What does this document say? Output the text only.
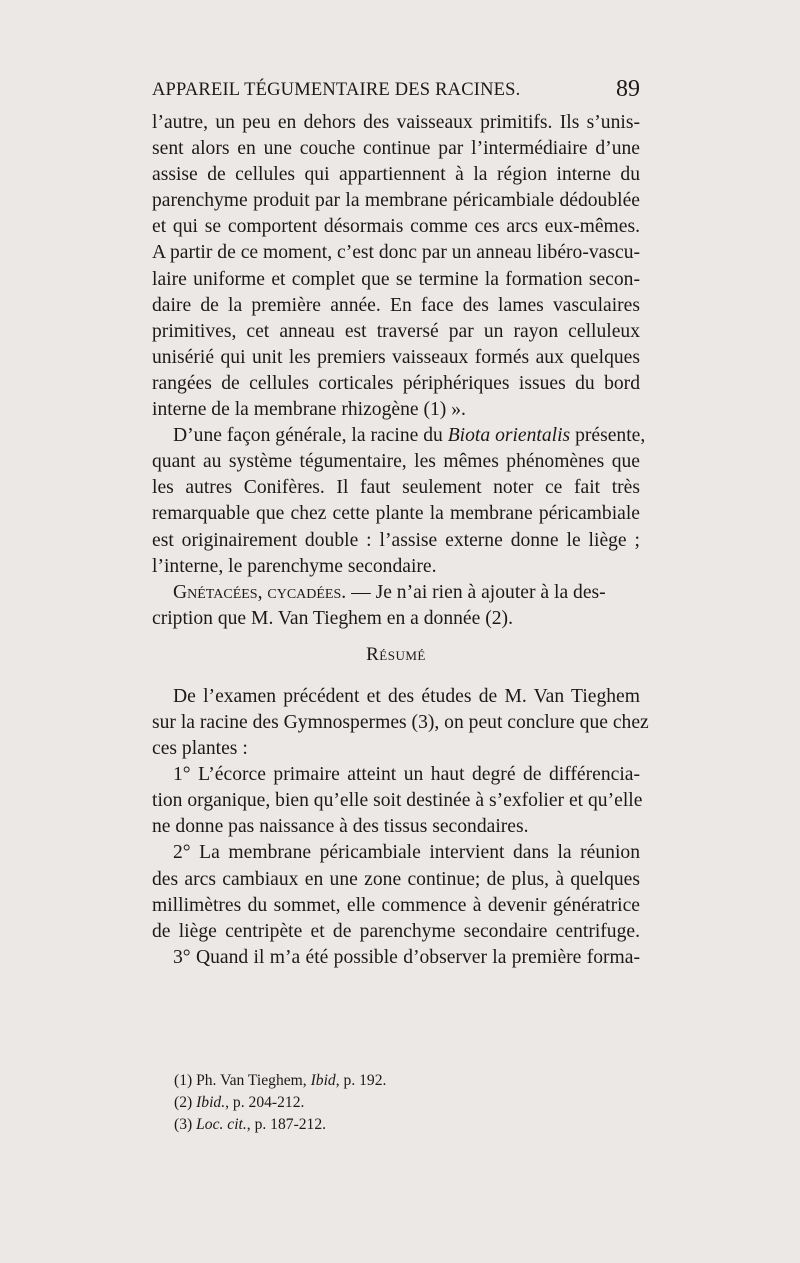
APPAREIL TÉGUMENTAIRE DES RACINES.	89
l’autre, un peu en dehors des vaisseaux primitifs. Ils s’unis-
sent alors en une couche continue par l’intermédiaire d’une
assise de cellules qui appartiennent à la région interne du
parenchyme produit par la membrane péricambiale dédoublée
et qui se comportent désormais comme ces arcs eux-mêmes.
A partir de ce moment, c’est donc par un anneau libéro-vascu-
laire uniforme et complet que se termine la formation secon-
daire de la première année. En face des lames vasculaires
primitives, cet anneau est traversé par un rayon celluleux
unisérié qui unit les premiers vaisseaux formés aux quelques
rangées de cellules corticales périphériques issues du bord
interne de la membrane rhizogène (1) ».
D’une façon générale, la racine du Biota orientalis présente,
quant au système tégumentaire, les mêmes phénomènes que
les autres Conifères. Il faut seulement noter ce fait très
remarquable que chez cette plante la membrane péricambiale
est originairement double : l’assise externe donne le liège ;
l’interne, le parenchyme secondaire.
Gnétacées, cycadées. — Je n’ai rien à ajouter à la des-
cription que M. Van Tieghem en a donnée (2).
Résumé
De l’examen précédent et des études de M. Van Tieghem
sur la racine des Gymnospermes (3), on peut conclure que chez
ces plantes :
1° L’écorce primaire atteint un haut degré de différencia-
tion organique, bien qu’elle soit destinée à s’exfolier et qu’elle
ne donne pas naissance à des tissus secondaires.
2° La membrane péricambiale intervient dans la réunion
des arcs cambiaux en une zone continue; de plus, à quelques
millimètres du sommet, elle commence à devenir génératrice
de liège centripète et de parenchyme secondaire centrifuge.
3° Quand il m’a été possible d’observer la première forma-
(1) Ph. Van Tieghem, Ibid, p. 192.
(2) Ibid., p. 204-212.
(3) Loc. cit., p. 187-212.
